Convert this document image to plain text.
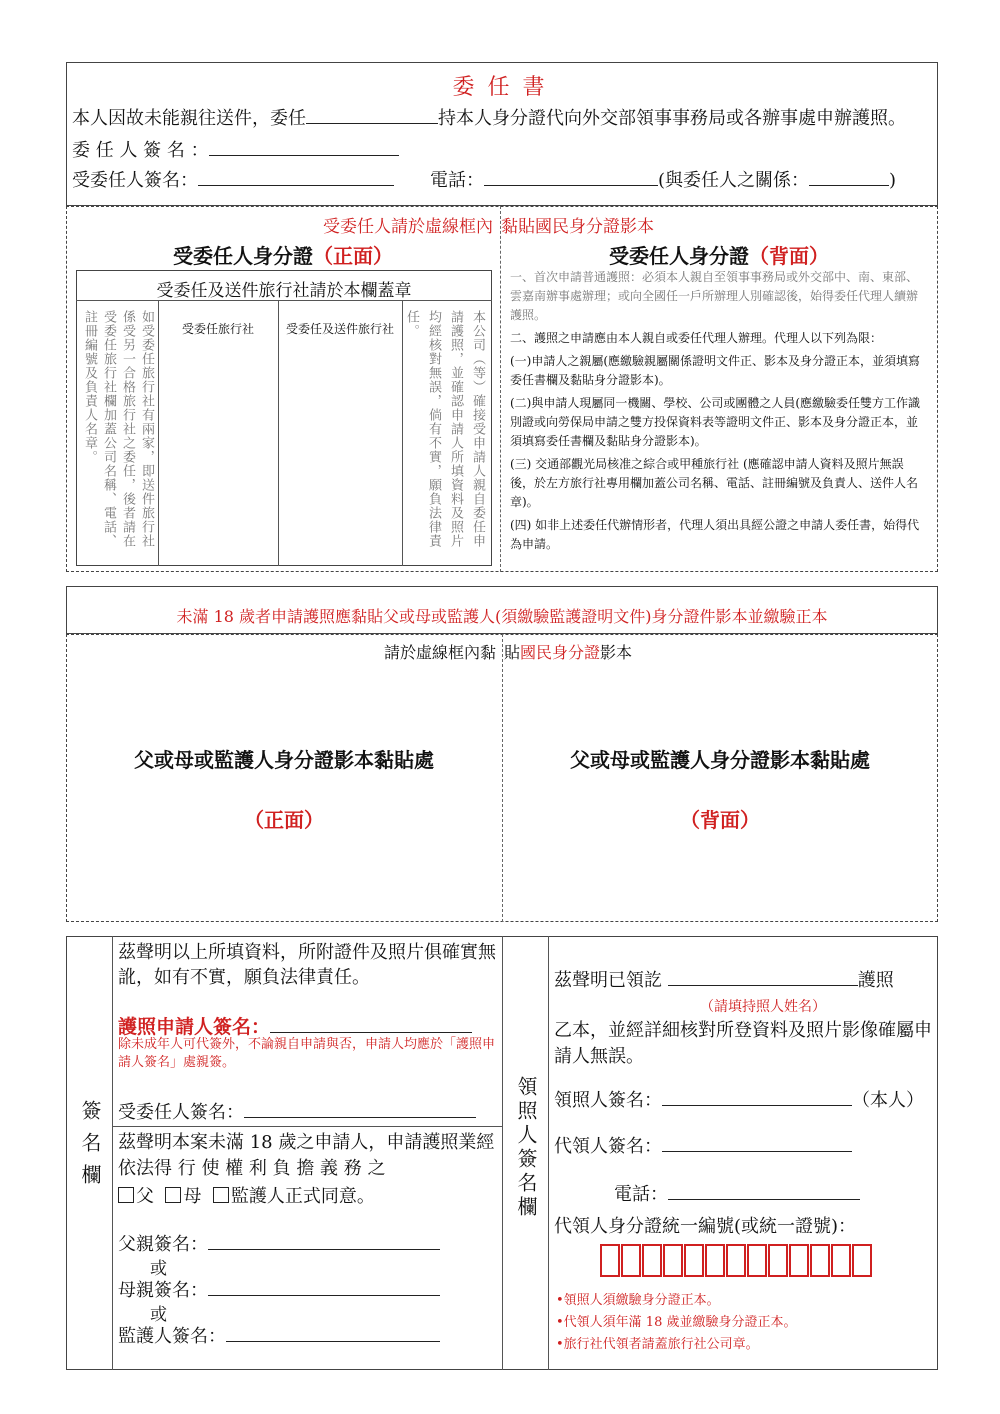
委 任 書
本人因故未能親往送件，委任	持本人身分證代向外交部領事事務局或各辦事處申辦護照。
委 任 人 簽 名 ：
受委任人簽名：	電話：	(與委任人之關係：	)
受委任人請於虛線框內 黏貼國民身分證影本
受委任人身分證（正面）	受委任人身分證（背面）
受委任及送件旅行社請於本欄蓋章
如受委任旅行社有兩家，即送件旅行社係受另一合格旅行社之委任，後者請在受委任旅行社欄加蓋公司名稱、電話、註冊編號及負責人名章。	受委任旅行社	受委任及送件旅行社	本公司（等）確接受申請人親自委任申請護照，並確認申請人所填資料及照片均經核對無誤，倘有不實，願負法律責任。
一、首次申請普通護照：必須本人親自至領事事務局或外交部中、南、東部、雲嘉南辦事處辦理；或向全國任一戶所辦理人別確認後，始得委任代理人續辦護照。
二、護照之申請應由本人親自或委任代理人辦理。代理人以下列為限：
(一)申請人之親屬(應繳驗親屬關係證明文件正、影本及身分證正本，並須填寫委任書欄及黏貼身分證影本)。
(二)與申請人現屬同一機關、學校、公司或團體之人員(應繳驗委任雙方工作識別證或向勞保局申請之雙方投保資料表等證明文件正、影本及身分證正本，並須填寫委任書欄及黏貼身分證影本)。
(三) 交通部觀光局核准之綜合或甲種旅行社 (應確認申請人資料及照片無誤後，於左方旅行社專用欄加蓋公司名稱、電話、註冊編號及負責人、送件人名章)。
(四) 如非上述委任代辦情形者，代理人須出具經公證之申請人委任書，始得代為申請。
未滿 18 歲者申請護照應黏貼父或母或監護人(須繳驗監護證明文件)身分證件影本並繳驗正本
請於虛線框內黏 貼國民身分證影本
父或母或監護人身分證影本黏貼處
（正面）
父或母或監護人身分證影本黏貼處
（背面）
簽名欄
茲聲明以上所填資料，所附證件及照片俱確實無訛，如有不實，願負法律責任。
護照申請人簽名：
除未成年人可代簽外，不論親自申請與否，申請人均應於「護照申請人簽名」處親簽。
受委任人簽名：
茲聲明本案未滿 18 歲之申請人，申請護照業經依法得 行 使 權 利 負 擔 義 務 之
父 母 監護人正式同意。
父親簽名：
或
母親簽名：
或
監護人簽名：
領照人簽名欄
茲聲明已領訖	護照
（請填持照人姓名）
乙本，並經詳細核對所登資料及照片影像確屬申請人無誤。
領照人簽名：	（本人）
代領人簽名：
電話：
代領人身分證統一編號(或統一證號)：
•領照人須繳驗身分證正本。
•代領人須年滿 18 歲並繳驗身分證正本。
•旅行社代領者請蓋旅行社公司章。
